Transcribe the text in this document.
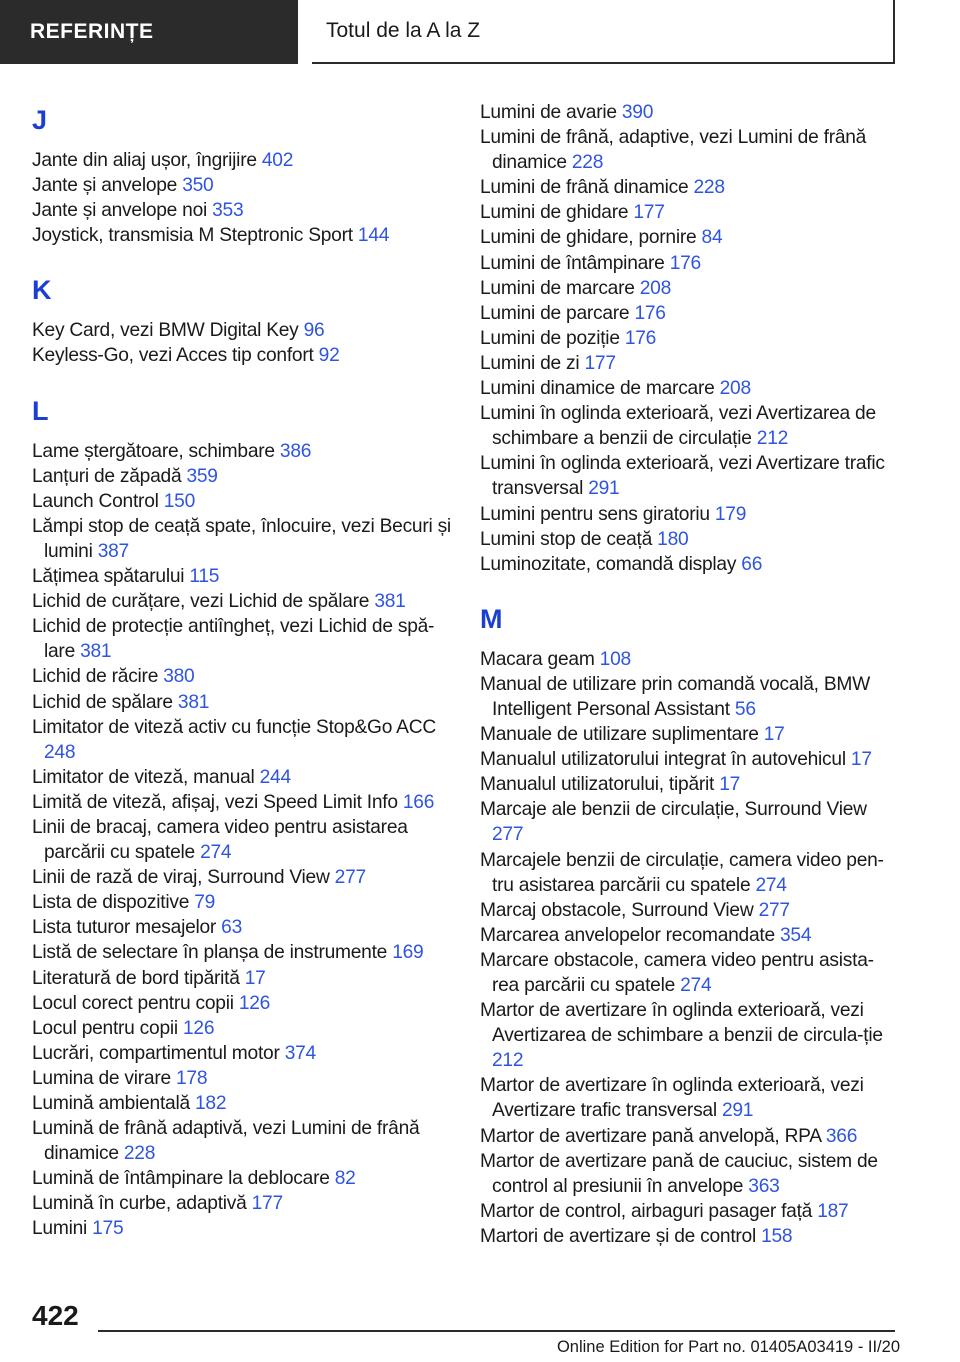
REFERINȚE	Totul de la A la Z
J
Jante din aliaj ușor, îngrijire 402
Jante și anvelope 350
Jante și anvelope noi 353
Joystick, transmisia M Steptronic Sport 144
K
Key Card, vezi BMW Digital Key 96
Keyless-Go, vezi Acces tip confort 92
L
Lame ștergătoare, schimbare 386
Lanțuri de zăpadă 359
Launch Control 150
Lămpi stop de ceață spate, înlocuire, vezi Becuri și lumini 387
Lățimea spătarului 115
Lichid de curățare, vezi Lichid de spălare 381
Lichid de protecție antiîngheț, vezi Lichid de spă-lare 381
Lichid de răcire 380
Lichid de spălare 381
Limitator de viteză activ cu funcție Stop&Go ACC 248
Limitator de viteză, manual 244
Limită de viteză, afișaj, vezi Speed Limit Info 166
Linii de bracaj, camera video pentru asistarea parcării cu spatele 274
Linii de rază de viraj, Surround View 277
Lista de dispozitive 79
Lista tuturor mesajelor 63
Listă de selectare în planșa de instrumente 169
Literatură de bord tipărită 17
Locul corect pentru copii 126
Locul pentru copii 126
Lucrări, compartimentul motor 374
Lumina de virare 178
Lumină ambientală 182
Lumină de frână adaptivă, vezi Lumini de frână dinamice 228
Lumină de întâmpinare la deblocare 82
Lumină în curbe, adaptivă 177
Lumini 175
Lumini de avarie 390
Lumini de frână, adaptive, vezi Lumini de frână dinamice 228
Lumini de frână dinamice 228
Lumini de ghidare 177
Lumini de ghidare, pornire 84
Lumini de întâmpinare 176
Lumini de marcare 208
Lumini de parcare 176
Lumini de poziție 176
Lumini de zi 177
Lumini dinamice de marcare 208
Lumini în oglinda exterioară, vezi Avertizarea de schimbare a benzii de circulație 212
Lumini în oglinda exterioară, vezi Avertizare trafic transversal 291
Lumini pentru sens giratoriu 179
Lumini stop de ceață 180
Luminozitate, comandă display 66
M
Macara geam 108
Manual de utilizare prin comandă vocală, BMW Intelligent Personal Assistant 56
Manuale de utilizare suplimentare 17
Manualul utilizatorului integrat în autovehicul 17
Manualul utilizatorului, tipărit 17
Marcaje ale benzii de circulație, Surround View 277
Marcajele benzii de circulație, camera video pen-tru asistarea parcării cu spatele 274
Marcaj obstacole, Surround View 277
Marcarea anvelopelor recomandate 354
Marcare obstacole, camera video pentru asista-rea parcării cu spatele 274
Martor de avertizare în oglinda exterioară, vezi Avertizarea de schimbare a benzii de circula-ție 212
Martor de avertizare în oglinda exterioară, vezi Avertizare trafic transversal 291
Martor de avertizare pană anvelopă, RPA 366
Martor de avertizare pană de cauciuc, sistem de control al presiunii în anvelope 363
Martor de control, airbaguri pasager față 187
Martori de avertizare și de control 158
422
Online Edition for Part no. 01405A03419 - II/20
